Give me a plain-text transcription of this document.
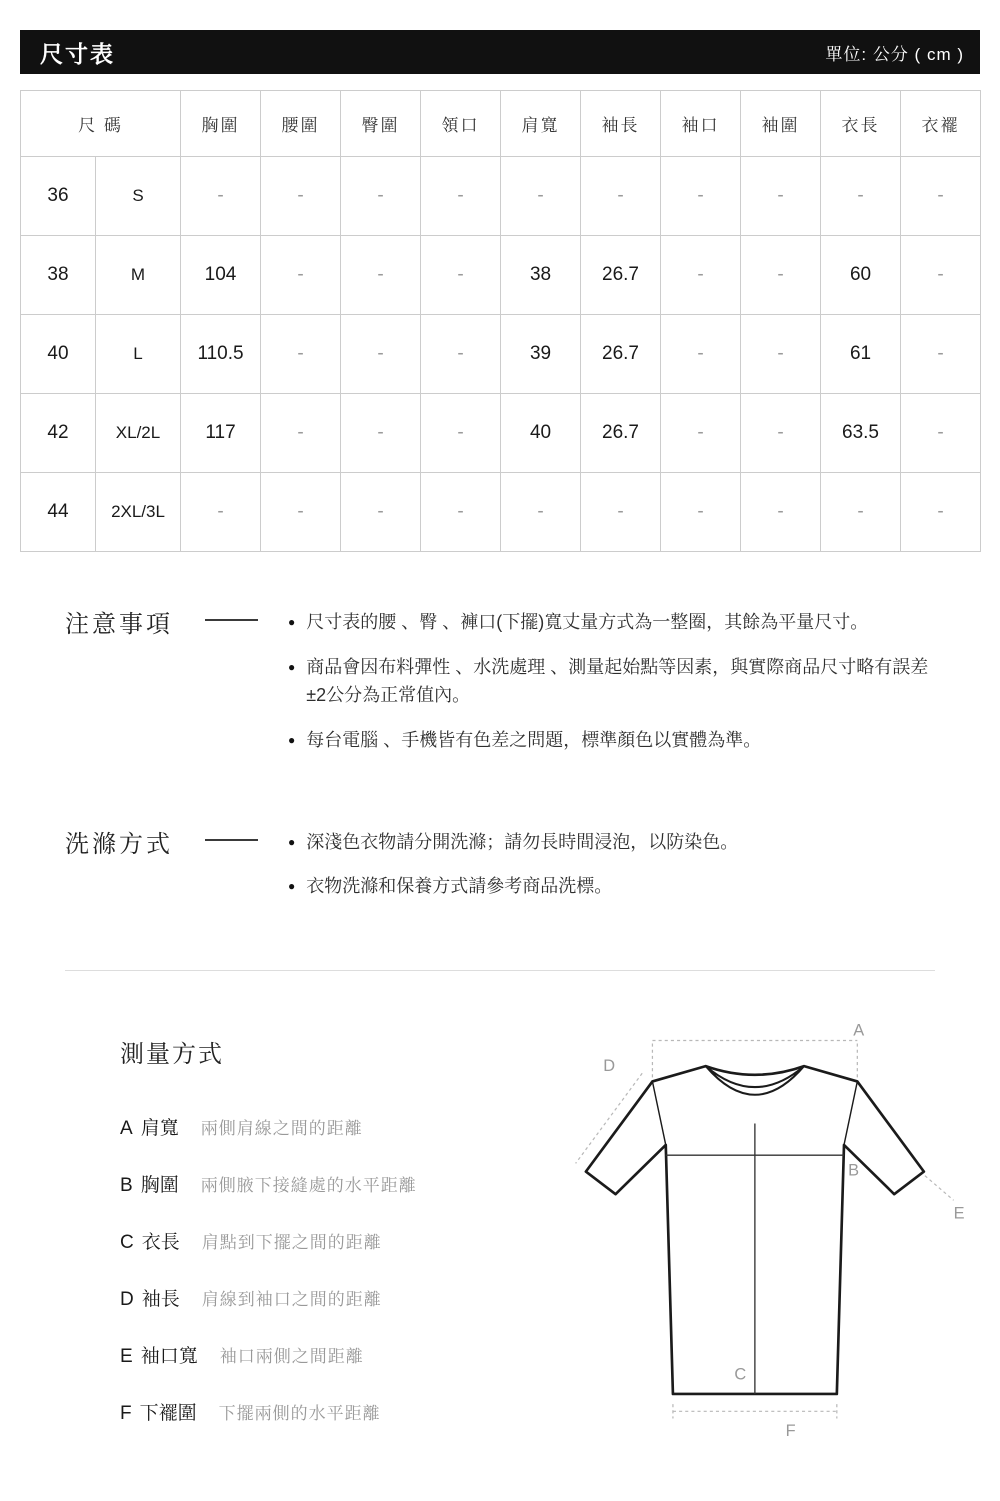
尺寸表	單位: 公分 ( cm )
尺 碼		胸圍	腰圍	臀圍	領口	肩寬	袖長	袖口	袖圍	衣長	衣襬
36	S	-	-	-	-	-	-	-	-	-	-
38	M	104	-	-	-	38	26.7	-	-	60	-
40	L	110.5	-	-	-	39	26.7	-	-	61	-
42	XL/2L	117	-	-	-	40	26.7	-	-	63.5	-
44	2XL/3L	-	-	-	-	-	-	-	-	-	-
注意事項	● 尺寸表的腰 、臀 、褲口(下擺)寬丈量方式為一整圈，其餘為平量尺寸。
● 商品會因布料彈性 、水洗處理 、測量起始點等因素，與實際商品尺寸略有誤差±2公分為正常值內。
● 每台電腦 、手機皆有色差之問題，標準顏色以實體為準。
洗滌方式	● 深淺色衣物請分開洗滌；請勿長時間浸泡，以防染色。
● 衣物洗滌和保養方式請參考商品洗標。
測量方式
A 肩寬 兩側肩線之間的距離
B 胸圍 兩側腋下接縫處的水平距離
C 衣長 肩點到下擺之間的距離
D 袖長 肩線到袖口之間的距離
E 袖口寬 袖口兩側之間距離
F 下襬圍 下擺兩側的水平距離
A
B
C
D
E
F
